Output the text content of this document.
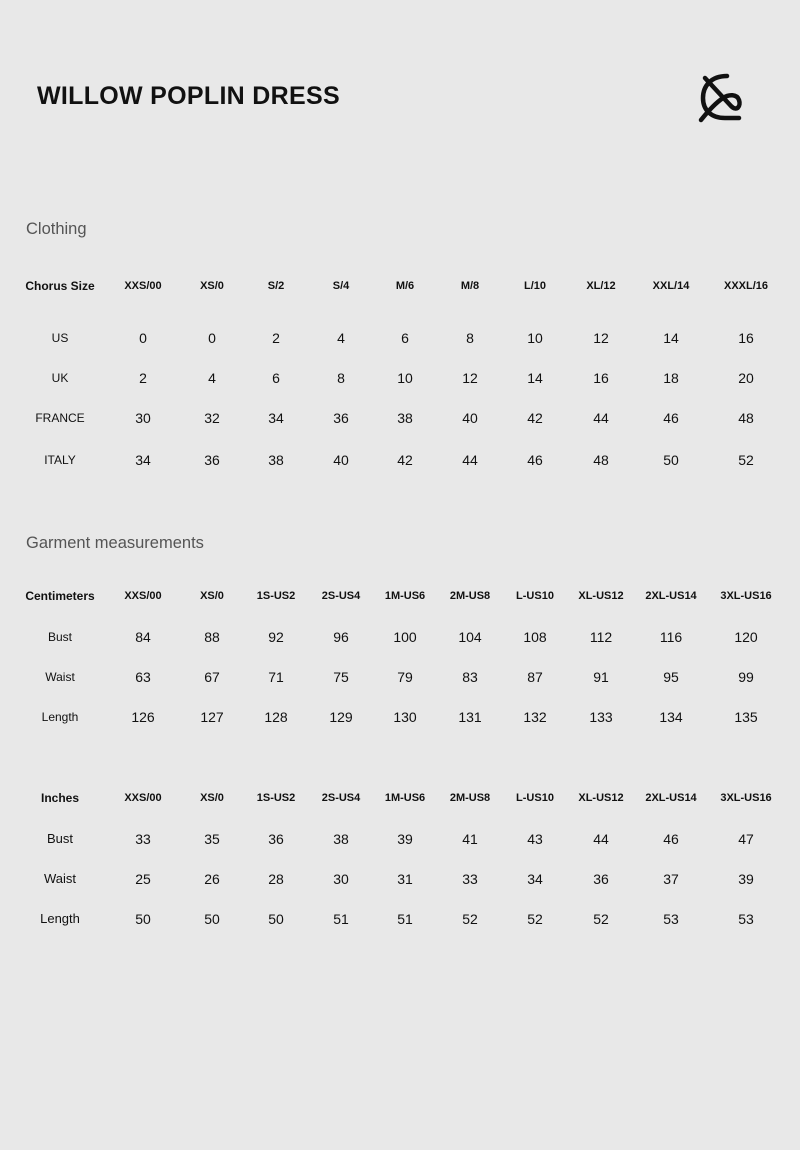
WILLOW POPLIN DRESS
Clothing
Chorus Size	XXS/00	XS/0	S/2	S/4	M/6	M/8	L/10	XL/12	XXL/14	XXXL/16
US	0	0	2	4	6	8	10	12	14	16
UK	2	4	6	8	10	12	14	16	18	20
FRANCE	30	32	34	36	38	40	42	44	46	48
ITALY	34	36	38	40	42	44	46	48	50	52
Garment measurements
Centimeters	XXS/00	XS/0	1S-US2 2S-US4 1M-US6 2M-US8 L-US10 XL-US12 2XL-US14 3XL-US16
Bust	84	88	92	96	100	104	108	112	116	120
Waist	63	67	71	75	79	83	87	91	95	99
Length	126	127	128	129	130	131	132	133	134	135
Inches	XXS/00	XS/0	1S-US2 2S-US4 1M-US6 2M-US8 L-US10 XL-US12 2XL-US14 3XL-US16
Bust	33	35	36	38	39	41	43	44	46	47
Waist	25	26	28	30	31	33	34	36	37	39
Length	50	50	50	51	51	52	52	52	53	53
